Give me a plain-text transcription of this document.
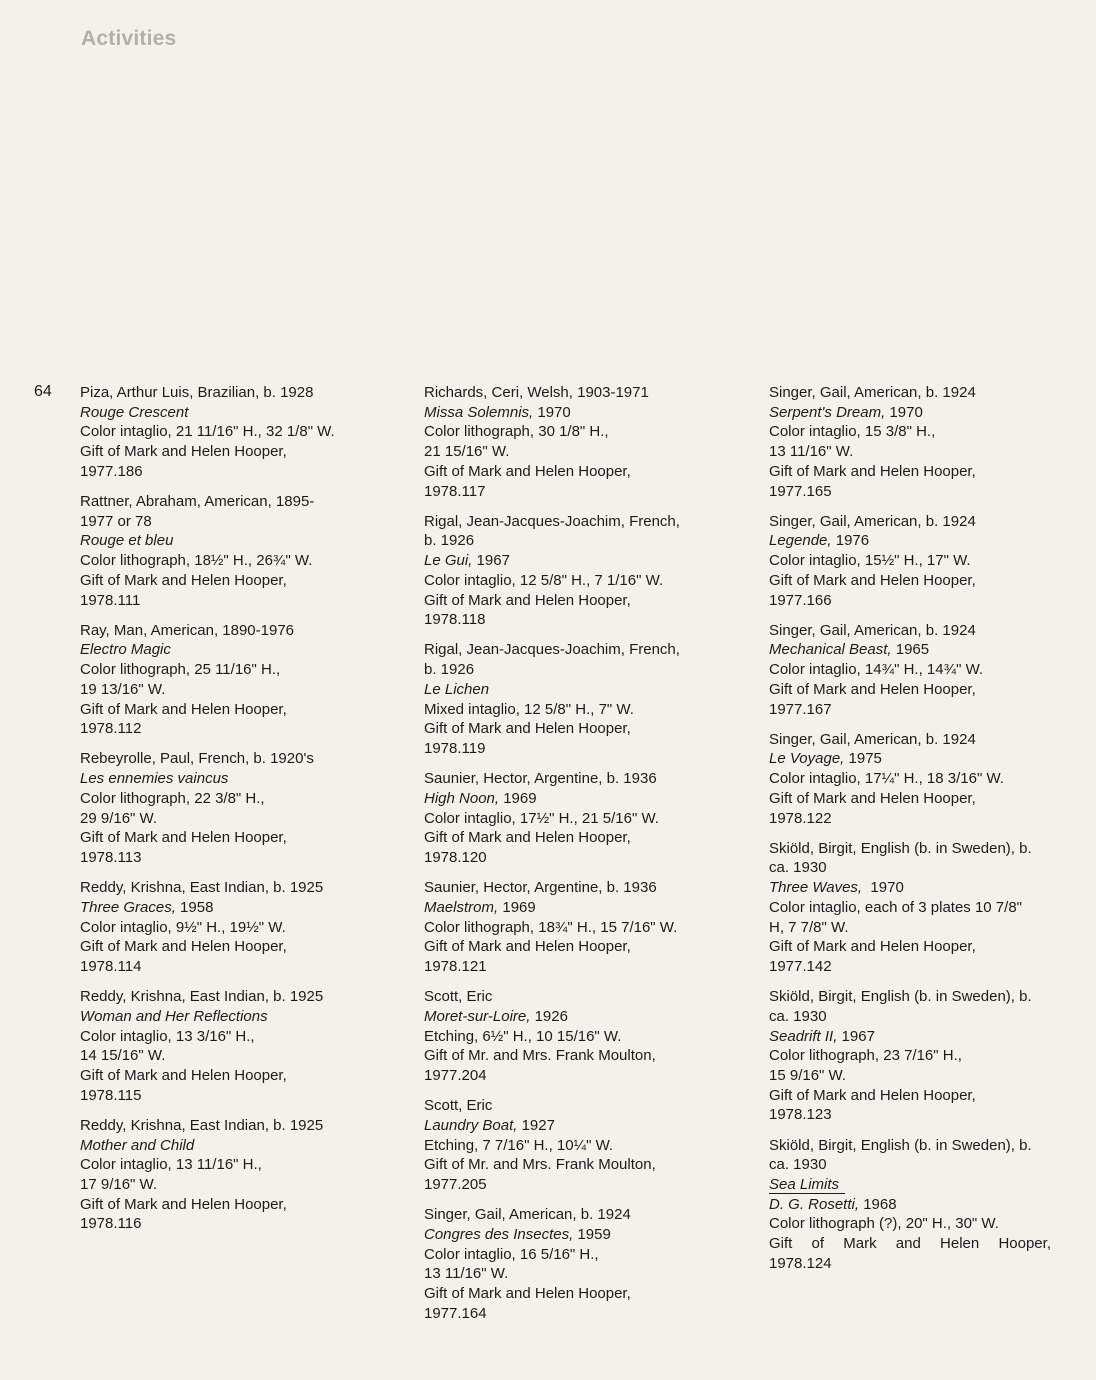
Activities
64 Piza, Arthur Luis, Brazilian, b. 1928
Rouge Crescent
Color intaglio, 21 11/16" H., 32 1/8" W.
Gift of Mark and Helen Hooper,
1977.186
Rattner, Abraham, American, 1895-
1977 or 78
Rouge et bleu
Color lithograph, 18½" H., 26¾" W.
Gift of Mark and Helen Hooper,
1978.111
Ray, Man, American, 1890-1976
Electro Magic
Color lithograph, 25 11/16" H.,
19 13/16" W.
Gift of Mark and Helen Hooper,
1978.112
Rebeyrolle, Paul, French, b. 1920's
Les ennemies vaincus
Color lithograph, 22 3/8" H.,
29 9/16" W.
Gift of Mark and Helen Hooper,
1978.113
Reddy, Krishna, East Indian, b. 1925
Three Graces, 1958
Color intaglio, 9½" H., 19½" W.
Gift of Mark and Helen Hooper,
1978.114
Reddy, Krishna, East Indian, b. 1925
Woman and Her Reflections
Color intaglio, 13 3/16" H.,
14 15/16" W.
Gift of Mark and Helen Hooper,
1978.115
Reddy, Krishna, East Indian, b. 1925
Mother and Child
Color intaglio, 13 11/16" H.,
17 9/16" W.
Gift of Mark and Helen Hooper,
1978.116
Richards, Ceri, Welsh, 1903-1971
Missa Solemnis, 1970
Color lithograph, 30 1/8" H.,
21 15/16" W.
Gift of Mark and Helen Hooper,
1978.117
Rigal, Jean-Jacques-Joachim, French,
b. 1926
Le Gui, 1967
Color intaglio, 12 5/8" H., 7 1/16" W.
Gift of Mark and Helen Hooper,
1978.118
Rigal, Jean-Jacques-Joachim, French,
b. 1926
Le Lichen
Mixed intaglio, 12 5/8" H., 7" W.
Gift of Mark and Helen Hooper,
1978.119
Saunier, Hector, Argentine, b. 1936
High Noon, 1969
Color intaglio, 17½" H., 21 5/16" W.
Gift of Mark and Helen Hooper,
1978.120
Saunier, Hector, Argentine, b. 1936
Maelstrom, 1969
Color lithograph, 18¾" H., 15 7/16" W.
Gift of Mark and Helen Hooper,
1978.121
Scott, Eric
Moret-sur-Loire, 1926
Etching, 6½" H., 10 15/16" W.
Gift of Mr. and Mrs. Frank Moulton,
1977.204
Scott, Eric
Laundry Boat, 1927
Etching, 7 7/16" H., 10¼" W.
Gift of Mr. and Mrs. Frank Moulton,
1977.205
Singer, Gail, American, b. 1924
Congres des Insectes, 1959
Color intaglio, 16 5/16" H.,
13 11/16" W.
Gift of Mark and Helen Hooper,
1977.164
Singer, Gail, American, b. 1924
Serpent's Dream, 1970
Color intaglio, 15 3/8" H.,
13 11/16" W.
Gift of Mark and Helen Hooper,
1977.165
Singer, Gail, American, b. 1924
Legende, 1976
Color intaglio, 15½" H., 17" W.
Gift of Mark and Helen Hooper,
1977.166
Singer, Gail, American, b. 1924
Mechanical Beast, 1965
Color intaglio, 14¾" H., 14¾" W.
Gift of Mark and Helen Hooper,
1977.167
Singer, Gail, American, b. 1924
Le Voyage, 1975
Color intaglio, 17¼" H., 18 3/16" W.
Gift of Mark and Helen Hooper,
1978.122
Skiöld, Birgit, English (b. in Sweden), b.
ca. 1930
Three Waves,  1970
Color intaglio, each of 3 plates 10 7/8"
H, 7 7/8" W.
Gift of Mark and Helen Hooper,
1977.142
Skiöld, Birgit, English (b. in Sweden), b.
ca. 1930
Seadrift II, 1967
Color lithograph, 23 7/16" H.,
15 9/16" W.
Gift of Mark and Helen Hooper,
1978.123
Skiöld, Birgit, English (b. in Sweden), b.
ca. 1930
Sea Limits
D. G. Rosetti, 1968
Color lithograph (?), 20" H., 30" W.
Gift of Mark and Helen Hooper,
1978.124
